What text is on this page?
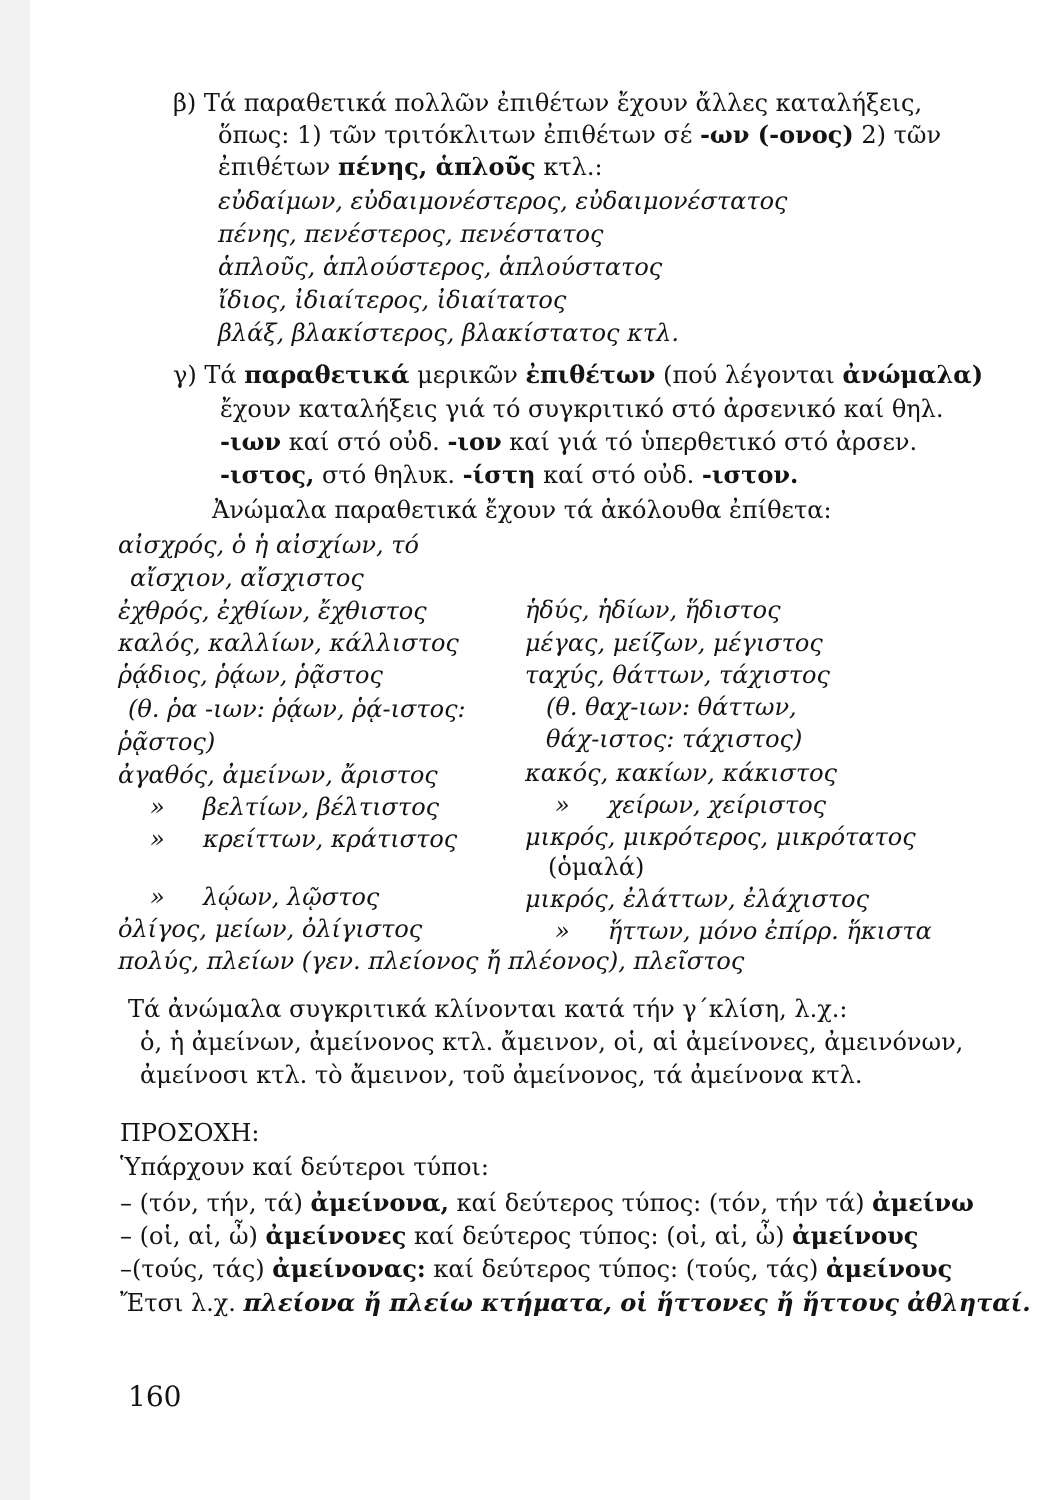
β) Τά παραθετικά πολλῶν ἐπιθέτων ἔχουν ἄλλες καταλήξεις,
ὅπως: 1) τῶν τριτόκλιτων ἐπιθέτων σέ -ων (-ονος) 2) τῶν
ἐπιθέτων πένης, ἁπλοῦς κτλ.:
εὐδαίμων, εὐδαιμονέστερος, εὐδαιμονέστατος
πένης, πενέστερος, πενέστατος
ἁπλοῦς, ἁπλούστερος, ἁπλούστατος
ἴδιος, ἰδιαίτερος, ἰδιαίτατος
βλάξ, βλακίστερος, βλακίστατος κτλ.
γ) Τά παραθετικά μερικῶν ἐπιθέτων (πού λέγονται ἀνώμαλα)
ἔχουν καταλήξεις γιά τό συγκριτικό στό ἀρσενικό καί θηλ.
-ιων καί στό οὐδ. -ιον καί γιά τό ὑπερθετικό στό ἀρσεν.
-ιστος, στό θηλυκ. -ίστη καί στό οὐδ. -ιστον.
Ἀνώμαλα παραθετικά ἔχουν τά ἀκόλουθα ἐπίθετα:
αἰσχρός, ὁ ἡ αἰσχίων, τό
αἴσχιον, αἴσχιστος
ἐχθρός, ἐχθίων, ἔχθιστος
καλός, καλλίων, κάλλιστος
ῥᾴδιος, ῥᾴων, ῥᾷστος
(θ. ῥα -ιων: ῥᾴων, ῥᾴ-ιστος:
ῥᾷστος)
ἀγαθός, ἀμείνων, ἄριστος
»     βελτίων, βέλτιστος
»     κρείττων, κράτιστος
»     λῴων, λῷστος
ὀλίγος, μείων, ὀλίγιστος
πολύς, πλείων (γεν. πλείονος ἤ πλέονος), πλεῖστος
ἡδύς, ἡδίων, ἥδιστος
μέγας, μείζων, μέγιστος
ταχύς, θάττων, τάχιστος
(θ. θαχ-ιων: θάττων,
θάχ-ιστος: τάχιστος)
κακός, κακίων, κάκιστος
»     χείρων, χείριστος
μικρός, μικρότερος, μικρότατος
(ὁμαλά)
μικρός, ἐλάττων, ἐλάχιστος
»     ἥττων, μόνο ἐπίρρ. ἥκιστα
Τά ἀνώμαλα συγκριτικά κλίνονται κατά τήν γ΄κλίση, λ.χ.:
ὁ, ἡ ἀμείνων, ἀμείνονος κτλ. ἄμεινον, οἱ, αἱ ἀμείνονες, ἀμεινόνων,
ἀμείνοσι κτλ. τὸ ἄμεινον, τοῦ ἀμείνονος, τά ἀμείνονα κτλ.
ΠΡΟΣΟΧΗ:
Ὑπάρχουν καί δεύτεροι τύποι:
– (τόν, τήν, τά) ἀμείνονα, καί δεύτερος τύπος: (τόν, τήν τά) ἀμείνω
– (οἱ, αἱ, ὦ) ἀμείνονες καί δεύτερος τύπος: (οἱ, αἱ, ὦ) ἀμείνους
–(τούς, τάς) ἀμείνονας: καί δεύτερος τύπος: (τούς, τάς) ἀμείνους
Ἔτσι λ.χ. πλείονα ἤ πλείω κτήματα, οἱ ἥττονες ἤ ἥττους ἀθληταί.
160
